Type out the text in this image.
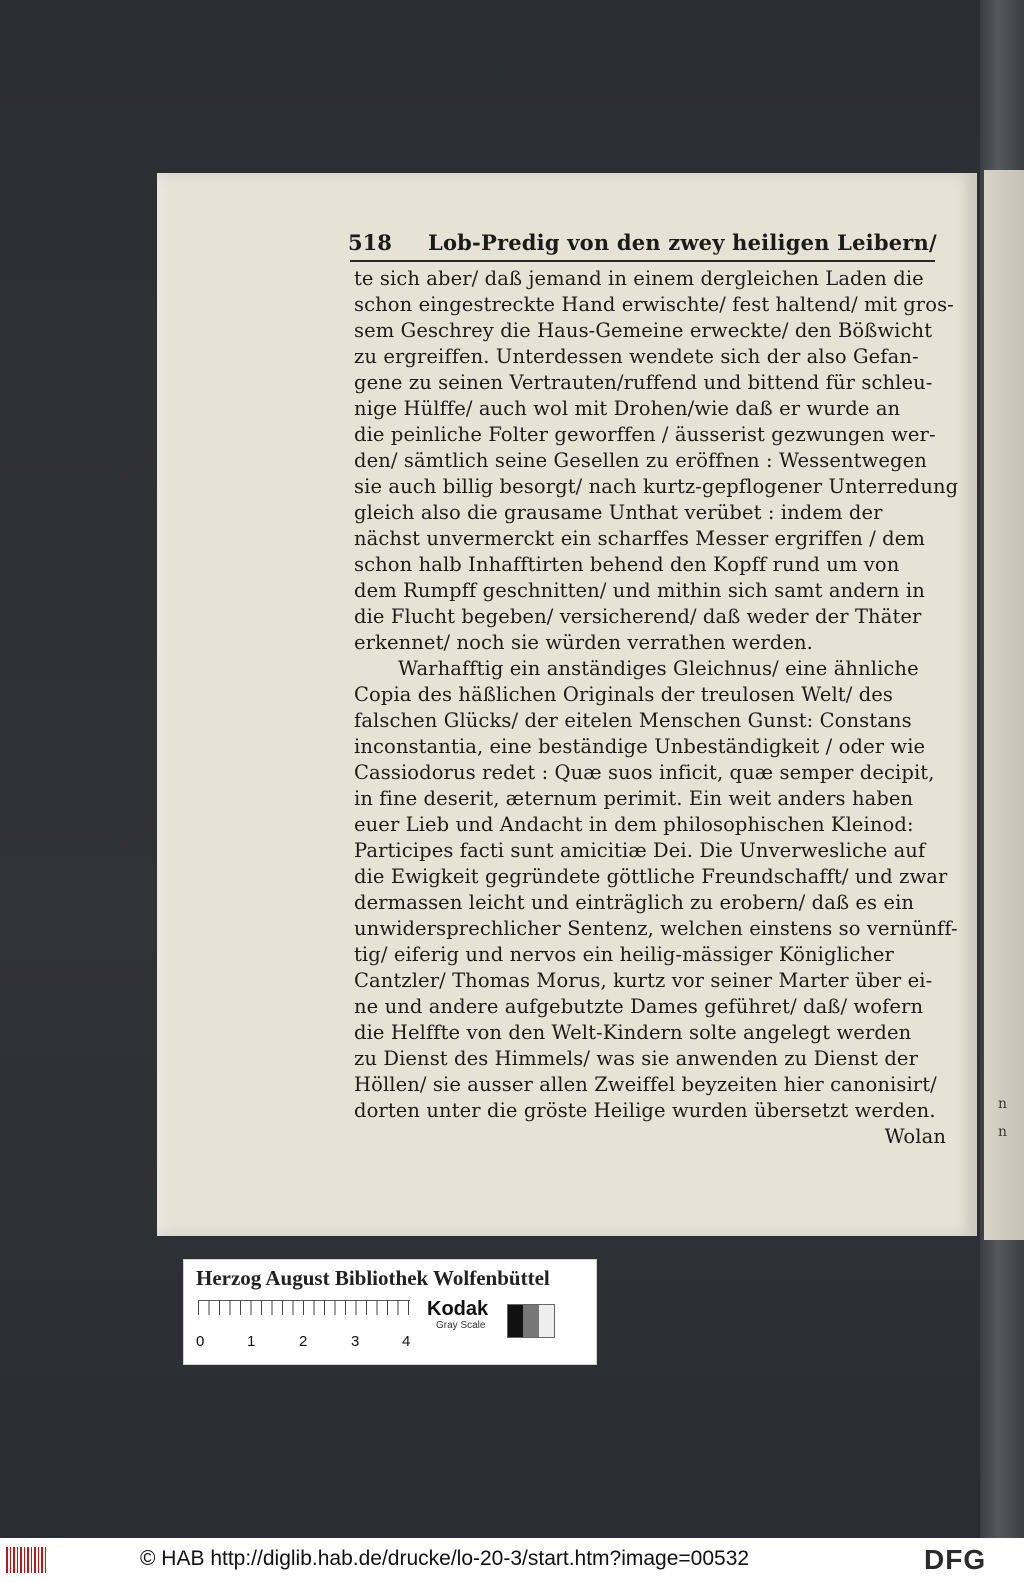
518 Lob-Predig von den zwey heiligen Leibern/
te sich aber/ daß jemand in einem dergleichen Laden die
schon eingestreckte Hand erwischte/ fest haltend/ mit gros-
sem Geschrey die Haus-Gemeine erweckte/ den Bößwicht
zu ergreiffen. Unterdessen wendete sich der also Gefan-
gene zu seinen Vertrauten/ruffend und bittend für schleu-
nige Hülffe/ auch wol mit Drohen/wie daß er wurde an
die peinliche Folter geworffen / äusserist gezwungen wer-
den/ sämtlich seine Gesellen zu eröffnen : Wessentwegen
sie auch billig besorgt/ nach kurtz-gepflogener Unterredung
gleich also die grausame Unthat verübet : indem der
nächst unvermerckt ein scharffes Messer ergriffen / dem
schon halb Inhafftirten behend den Kopff rund um von
dem Rumpff geschnitten/ und mithin sich samt andern in
die Flucht begeben/ versicherend/ daß weder der Thäter
erkennet/ noch sie würden verrathen werden.
Warhafftig ein anständiges Gleichnus/ eine ähnliche
Copia des häßlichen Originals der treulosen Welt/ des
falschen Glücks/ der eitelen Menschen Gunst: Constans
inconstantia, eine beständige Unbeständigkeit / oder wie
Cassiodorus redet : Quæ suos inficit, quæ semper decipit,
in fine deserit, æternum perimit. Ein weit anders haben
euer Lieb und Andacht in dem philosophischen Kleinod:
Participes facti sunt amicitiæ Dei. Die Unverwesliche auf
die Ewigkeit gegründete göttliche Freundschafft/ und zwar
dermassen leicht und einträglich zu erobern/ daß es ein
unwidersprechlicher Sentenz, welchen einstens so vernünff-
tig/ eiferig und nervos ein heilig-mässiger Königlicher
Cantzler/ Thomas Morus, kurtz vor seiner Marter über ei-
ne und andere aufgebutzte Dames geführet/ daß/ wofern
die Helffte von den Welt-Kindern solte angelegt werden
zu Dienst des Himmels/ was sie anwenden zu Dienst der
Höllen/ sie ausser allen Zweiffel beyzeiten hier canonisirt/
dorten unter die gröste Heilige wurden übersetzt werden.
Wolan
n
n
Herzog August Bibliothek Wolfenbüttel
0	1	2	3	4
Kodak
Gray Scale
© HAB http://diglib.hab.de/drucke/lo-20-3/start.htm?image=00532	DFG
